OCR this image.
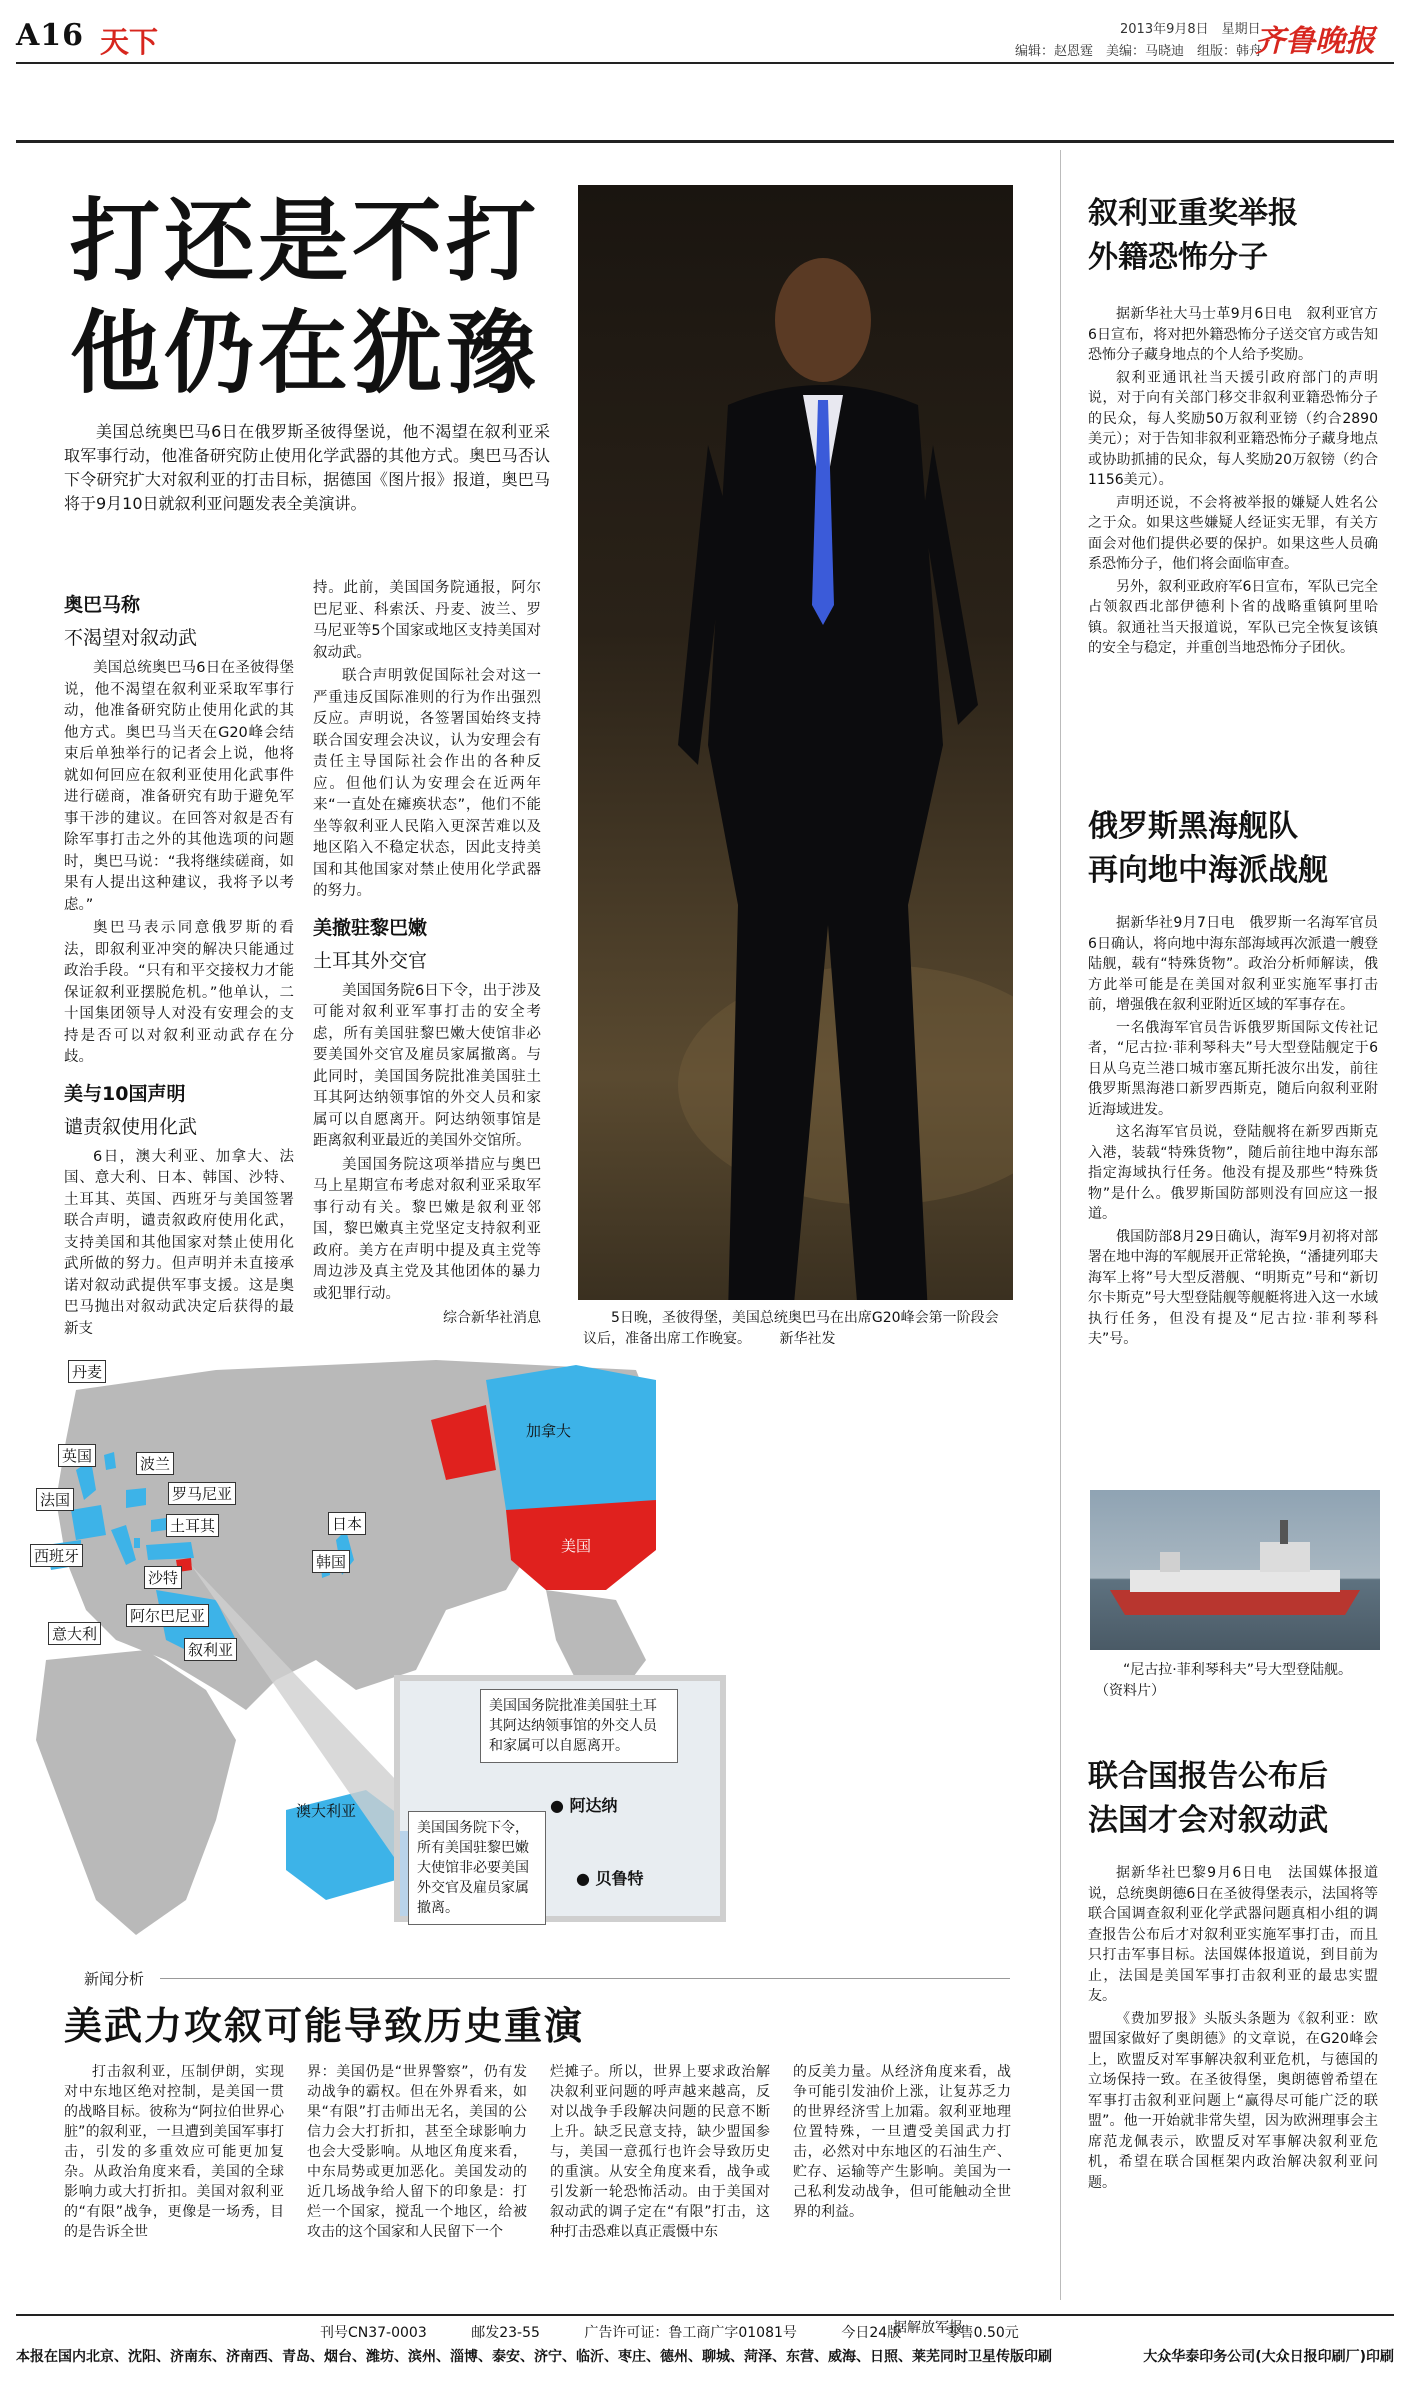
A16 天下	2013年9月8日　星期日
编辑：赵恩霆　美编：马晓迪　组版：韩舟
齐鲁晚报
打还是不打
他仍在犹豫

美国总统奥巴马6日在俄罗斯圣彼得堡说，他不渴望在叙利亚采取军事行动，他准备研究防止使用化学武器的其他方式。奥巴马否认下令研究扩大对叙利亚的打击目标，据德国《图片报》报道，奥巴马将于9月10日就叙利亚问题发表全美演讲。

5日晚，圣彼得堡，美国总统奥巴马在出席G20峰会第一阶段会议后，准备出席工作晚宴。 新华社发

奥巴马称
不渴望对叙动武

美国总统奥巴马6日在圣彼得堡说，他不渴望在叙利亚采取军事行动，他准备研究防止使用化武的其他方式。奥巴马当天在G20峰会结束后单独举行的记者会上说，他将就如何回应在叙利亚使用化武事件进行磋商，准备研究有助于避免军事干涉的建议。在回答对叙是否有除军事打击之外的其他选项的问题时，奥巴马说：“我将继续磋商，如果有人提出这种建议，我将予以考虑。”

奥巴马表示同意俄罗斯的看法，即叙利亚冲突的解决只能通过政治手段。“只有和平交接权力才能保证叙利亚摆脱危机。”他单认，二十国集团领导人对没有安理会的支持是否可以对叙利亚动武存在分歧。

美与10国声明
谴责叙使用化武

6日，澳大利亚、加拿大、法国、意大利、日本、韩国、沙特、土耳其、英国、西班牙与美国签署联合声明，谴责叙政府使用化武，支持美国和其他国家对禁止使用化武所做的努力。但声明并未直接承诺对叙动武提供军事支援。这是奥巴马抛出对叙动武决定后获得的最新支

持。此前，美国国务院通报，阿尔巴尼亚、科索沃、丹麦、波兰、罗马尼亚等5个国家或地区支持美国对叙动武。

联合声明敦促国际社会对这一严重违反国际准则的行为作出强烈反应。声明说，各签署国始终支持联合国安理会决议，认为安理会有责任主导国际社会作出的各种反应。但他们认为安理会在近两年来“一直处在瘫痪状态”，他们不能坐等叙利亚人民陷入更深苦难以及地区陷入不稳定状态，因此支持美国和其他国家对禁止使用化学武器的努力。

美撤驻黎巴嫩
土耳其外交官

美国国务院6日下令，出于涉及可能对叙利亚军事打击的安全考虑，所有美国驻黎巴嫩大使馆非必要美国外交官及雇员家属撤离。与此同时，美国国务院批准美国驻土耳其阿达纳领事馆的外交人员和家属可以自愿离开。阿达纳领事馆是距离叙利亚最近的美国外交馆所。

美国国务院这项举措应与奥巴马上星期宣布考虑对叙利亚采取军事行动有关。黎巴嫩是叙利亚邻国，黎巴嫩真主党坚定支持叙利亚政府。美方在声明中提及真主党等周边涉及真主党及其他团体的暴力或犯罪行动。

综合新华社消息
丹麦
英国	波兰
法国	罗马尼亚
土耳其
西班牙
沙特
阿尔巴尼亚
意大利
叙利亚
日本
韩国
澳大利亚
加拿大
美国
美国国务院批准美国驻土耳其阿达纳领事馆的外交人员和家属可以自愿离开。
美国国务院下令，所有美国驻黎巴嫩大使馆非必要美国外交官及雇员家属撤离。
● 阿达纳
● 贝鲁特
新闻分析
美武力攻叙可能导致历史重演

打击叙利亚，压制伊朗，实现对中东地区绝对控制，是美国一贯的战略目标。彼称为“阿拉伯世界心脏”的叙利亚，一旦遭到美国军事打击，引发的多重效应可能更加复杂。从政治角度来看，美国的全球影响力或大打折扣。美国对叙利亚的“有限”战争，更像是一场秀，目的是告诉全世

界：美国仍是“世界警察”，仍有发动战争的霸权。但在外界看来，如果“有限”打击师出无名，美国的公信力会大打折扣，甚至全球影响力也会大受影响。从地区角度来看，中东局势或更加恶化。美国发动的近几场战争给人留下的印象是：打烂一个国家，搅乱一个地区，给被攻击的这个国家和人民留下一个

烂摊子。所以，世界上要求政治解决叙利亚问题的呼声越来越高，反对以战争手段解决问题的民意不断上升。缺乏民意支持，缺少盟国参与，美国一意孤行也许会导致历史的重演。从安全角度来看，战争或引发新一轮恐怖活动。由于美国对叙动武的调子定在“有限”打击，这种打击恐难以真正震慑中东

的反美力量。从经济角度来看，战争可能引发油价上涨，让复苏乏力的世界经济雪上加霜。叙利亚地理位置特殊，一旦遭受美国武力打击，必然对中东地区的石油生产、贮存、运输等产生影响。美国为一己私利发动战争，但可能触动全世界的利益。

据解放军报
叙利亚重奖举报
外籍恐怖分子

据新华社大马士革9月6日电　叙利亚官方6日宣布，将对把外籍恐怖分子送交官方或告知恐怖分子藏身地点的个人给予奖励。

叙利亚通讯社当天援引政府部门的声明说，对于向有关部门移交非叙利亚籍恐怖分子的民众，每人奖励50万叙利亚镑（约合2890美元）；对于告知非叙利亚籍恐怖分子藏身地点或协助抓捕的民众，每人奖励20万叙镑（约合1156美元）。

声明还说，不会将被举报的嫌疑人姓名公之于众。如果这些嫌疑人经证实无罪，有关方面会对他们提供必要的保护。如果这些人员确系恐怖分子，他们将会面临审查。

另外，叙利亚政府军6日宣布，军队已完全占领叙西北部伊德利卜省的战略重镇阿里哈镇。叙通社当天报道说，军队已完全恢复该镇的安全与稳定，并重创当地恐怖分子团伙。

俄罗斯黑海舰队
再向地中海派战舰

据新华社9月7日电　俄罗斯一名海军官员6日确认，将向地中海东部海域再次派遣一艘登陆舰，载有“特殊货物”。政治分析师解读，俄方此举可能是在美国对叙利亚实施军事打击前，增强俄在叙利亚附近区域的军事存在。

一名俄海军官员告诉俄罗斯国际文传社记者，“尼古拉·菲利琴科夫”号大型登陆舰定于6日从乌克兰港口城市塞瓦斯托波尔出发，前往俄罗斯黑海港口新罗西斯克，随后向叙利亚附近海域进发。

这名海军官员说，登陆舰将在新罗西斯克入港，装载“特殊货物”，随后前往地中海东部指定海域执行任务。他没有提及那些“特殊货物”是什么。俄罗斯国防部则没有回应这一报道。

俄国防部8月29日确认，海军9月初将对部署在地中海的军舰展开正常轮换，“潘捷列耶夫海军上将”号大型反潜舰、“明斯克”号和“新切尔卡斯克”号大型登陆舰等舰艇将进入这一水域执行任务，但没有提及“尼古拉·菲利琴科夫”号。

“尼古拉·菲利琴科夫”号大型登陆舰。　　（资料片）

联合国报告公布后
法国才会对叙动武

据新华社巴黎9月6日电　法国媒体报道说，总统奥朗德6日在圣彼得堡表示，法国将等联合国调查叙利亚化学武器问题真相小组的调查报告公布后才对叙利亚实施军事打击，而且只打击军事目标。法国媒体报道说，到目前为止，法国是美国军事打击叙利亚的最忠实盟友。

《费加罗报》头版头条题为《叙利亚：欧盟国家做好了奥朗德》的文章说，在G20峰会上，欧盟反对军事解决叙利亚危机，与德国的立场保持一致。在圣彼得堡，奥朗德曾希望在军事打击叙利亚问题上“赢得尽可能广泛的联盟”。他一开始就非常失望，因为欧洲理事会主席范龙佩表示，欧盟反对军事解决叙利亚危机，希望在联合国框架内政治解决叙利亚问题。

刊号CN37-0003	邮发23-55	广告许可证：鲁工商广字01081号	今日24版	零售0.50元
本报在国内北京、沈阳、济南东、济南西、青岛、烟台、潍坊、滨州、淄博、泰安、济宁、临沂、枣庄、德州、聊城、菏泽、东营、威海、日照、莱芜同时卫星传版印刷	大众华泰印务公司(大众日报印刷厂)印刷
